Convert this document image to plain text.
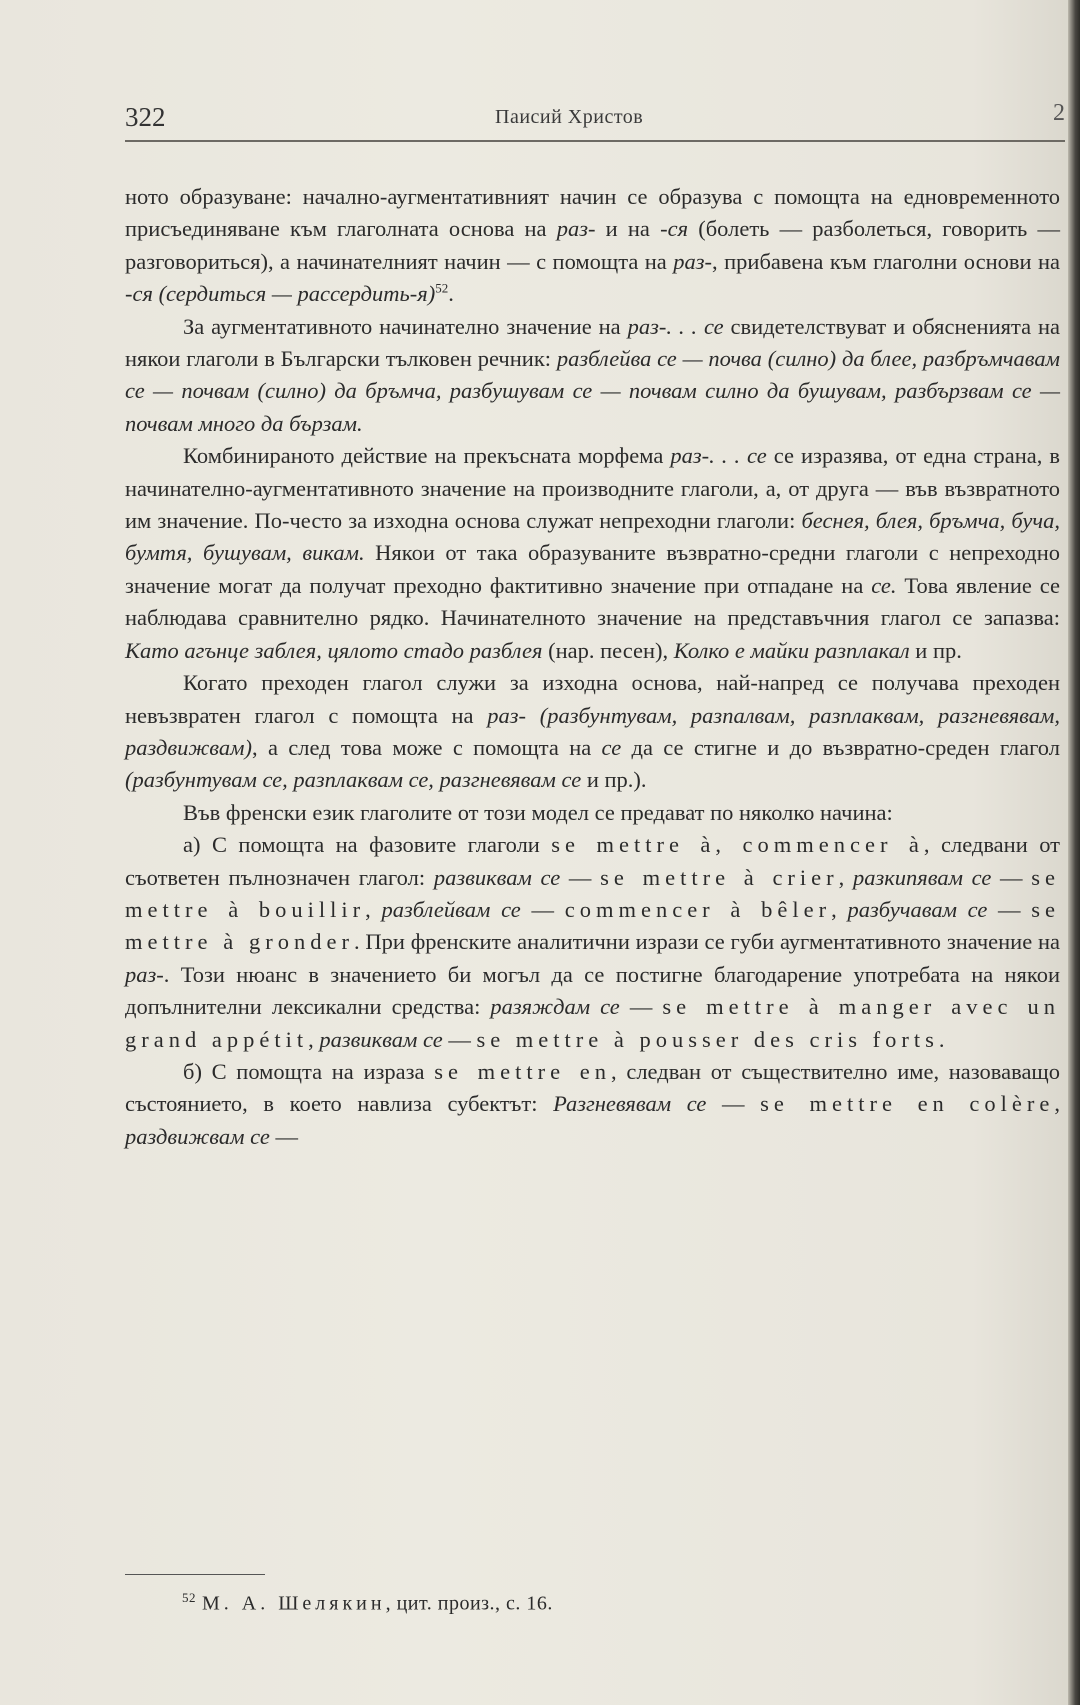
322	Паисий Христов	2

ното образуване: начално-аугментативният начин се образува с помощта на едновременното присъединяване към глаголната основа на раз- и на -ся (болеть — разболеться, говорить — разговориться), а начинателният начин — с помощта на раз-, прибавена към глаголни основи на -ся (сердиться — рассердить-я)$^{52}$.

За аугментативното начинателно значение на раз-. . . се свидетелствуват и обясненията на някои глаголи в Български тълковен речник: разблейва се — почва (силно) да блее, разбръмчавам се — почвам (силно) да бръмча, разбушувам се — почвам силно да бушувам, разбързвам се — почвам много да бързам.

Комбинираното действие на прекъсната морфема раз-. . . се се изразява, от една страна, в начинателно-аугментативното значение на производните глаголи, а, от друга — във възвратното им значение. По-често за изходна основа служат непреходни глаголи: беснея, блея, бръмча, буча, бумтя, бушувам, викам. Някои от така образуваните възвратно-средни глаголи с непреходно значение могат да получат преходно фактитивно значение при отпадане на се. Това явление се наблюдава сравнително рядко. Начинателното значение на представъчния глагол се запазва: Като агънце заблея, цялото стадо разблея (нар. песен), Колко е майки разплакал и пр.

Когато преходен глагол служи за изходна основа, най-напред се получава преходен невъзвратен глагол с помощта на раз- (разбунтувам, разпалвам, разплаквам, разгневявам, раздвижвам), а след това може с помощта на се да се стигне и до възвратно-среден глагол (разбунтувам се, разплаквам се, разгневявам се и пр.).

Във френски език глаголите от този модел се предават по няколко начина:

а) С помощта на фазовите глаголи se mettre à, commencer à, следвани от съответен пълнозначен глагол: развиквам се — se mettre à crier, разкипявам се — se mettre à bouillir, разблейвам се — commencer à bêler, разбучавам се — se mettre à gronder. При френските аналитични изрази се губи аугментативното значение на раз-. Този нюанс в значението би могъл да се постигне благодарение употребата на някои допълнителни лексикални средства: разяждам се — se mettre à manger avec un grand appétit, развиквам се — se mettre à pousser des cris forts.

б) С помощта на израза se mettre en, следван от съществително име, назоваващо състоянието, в което навлиза субектът: Разгневявам се — se mettre en colère, раздвижвам се —

$^{52}$ М. А. Шелякин, цит. произ., с. 16.
